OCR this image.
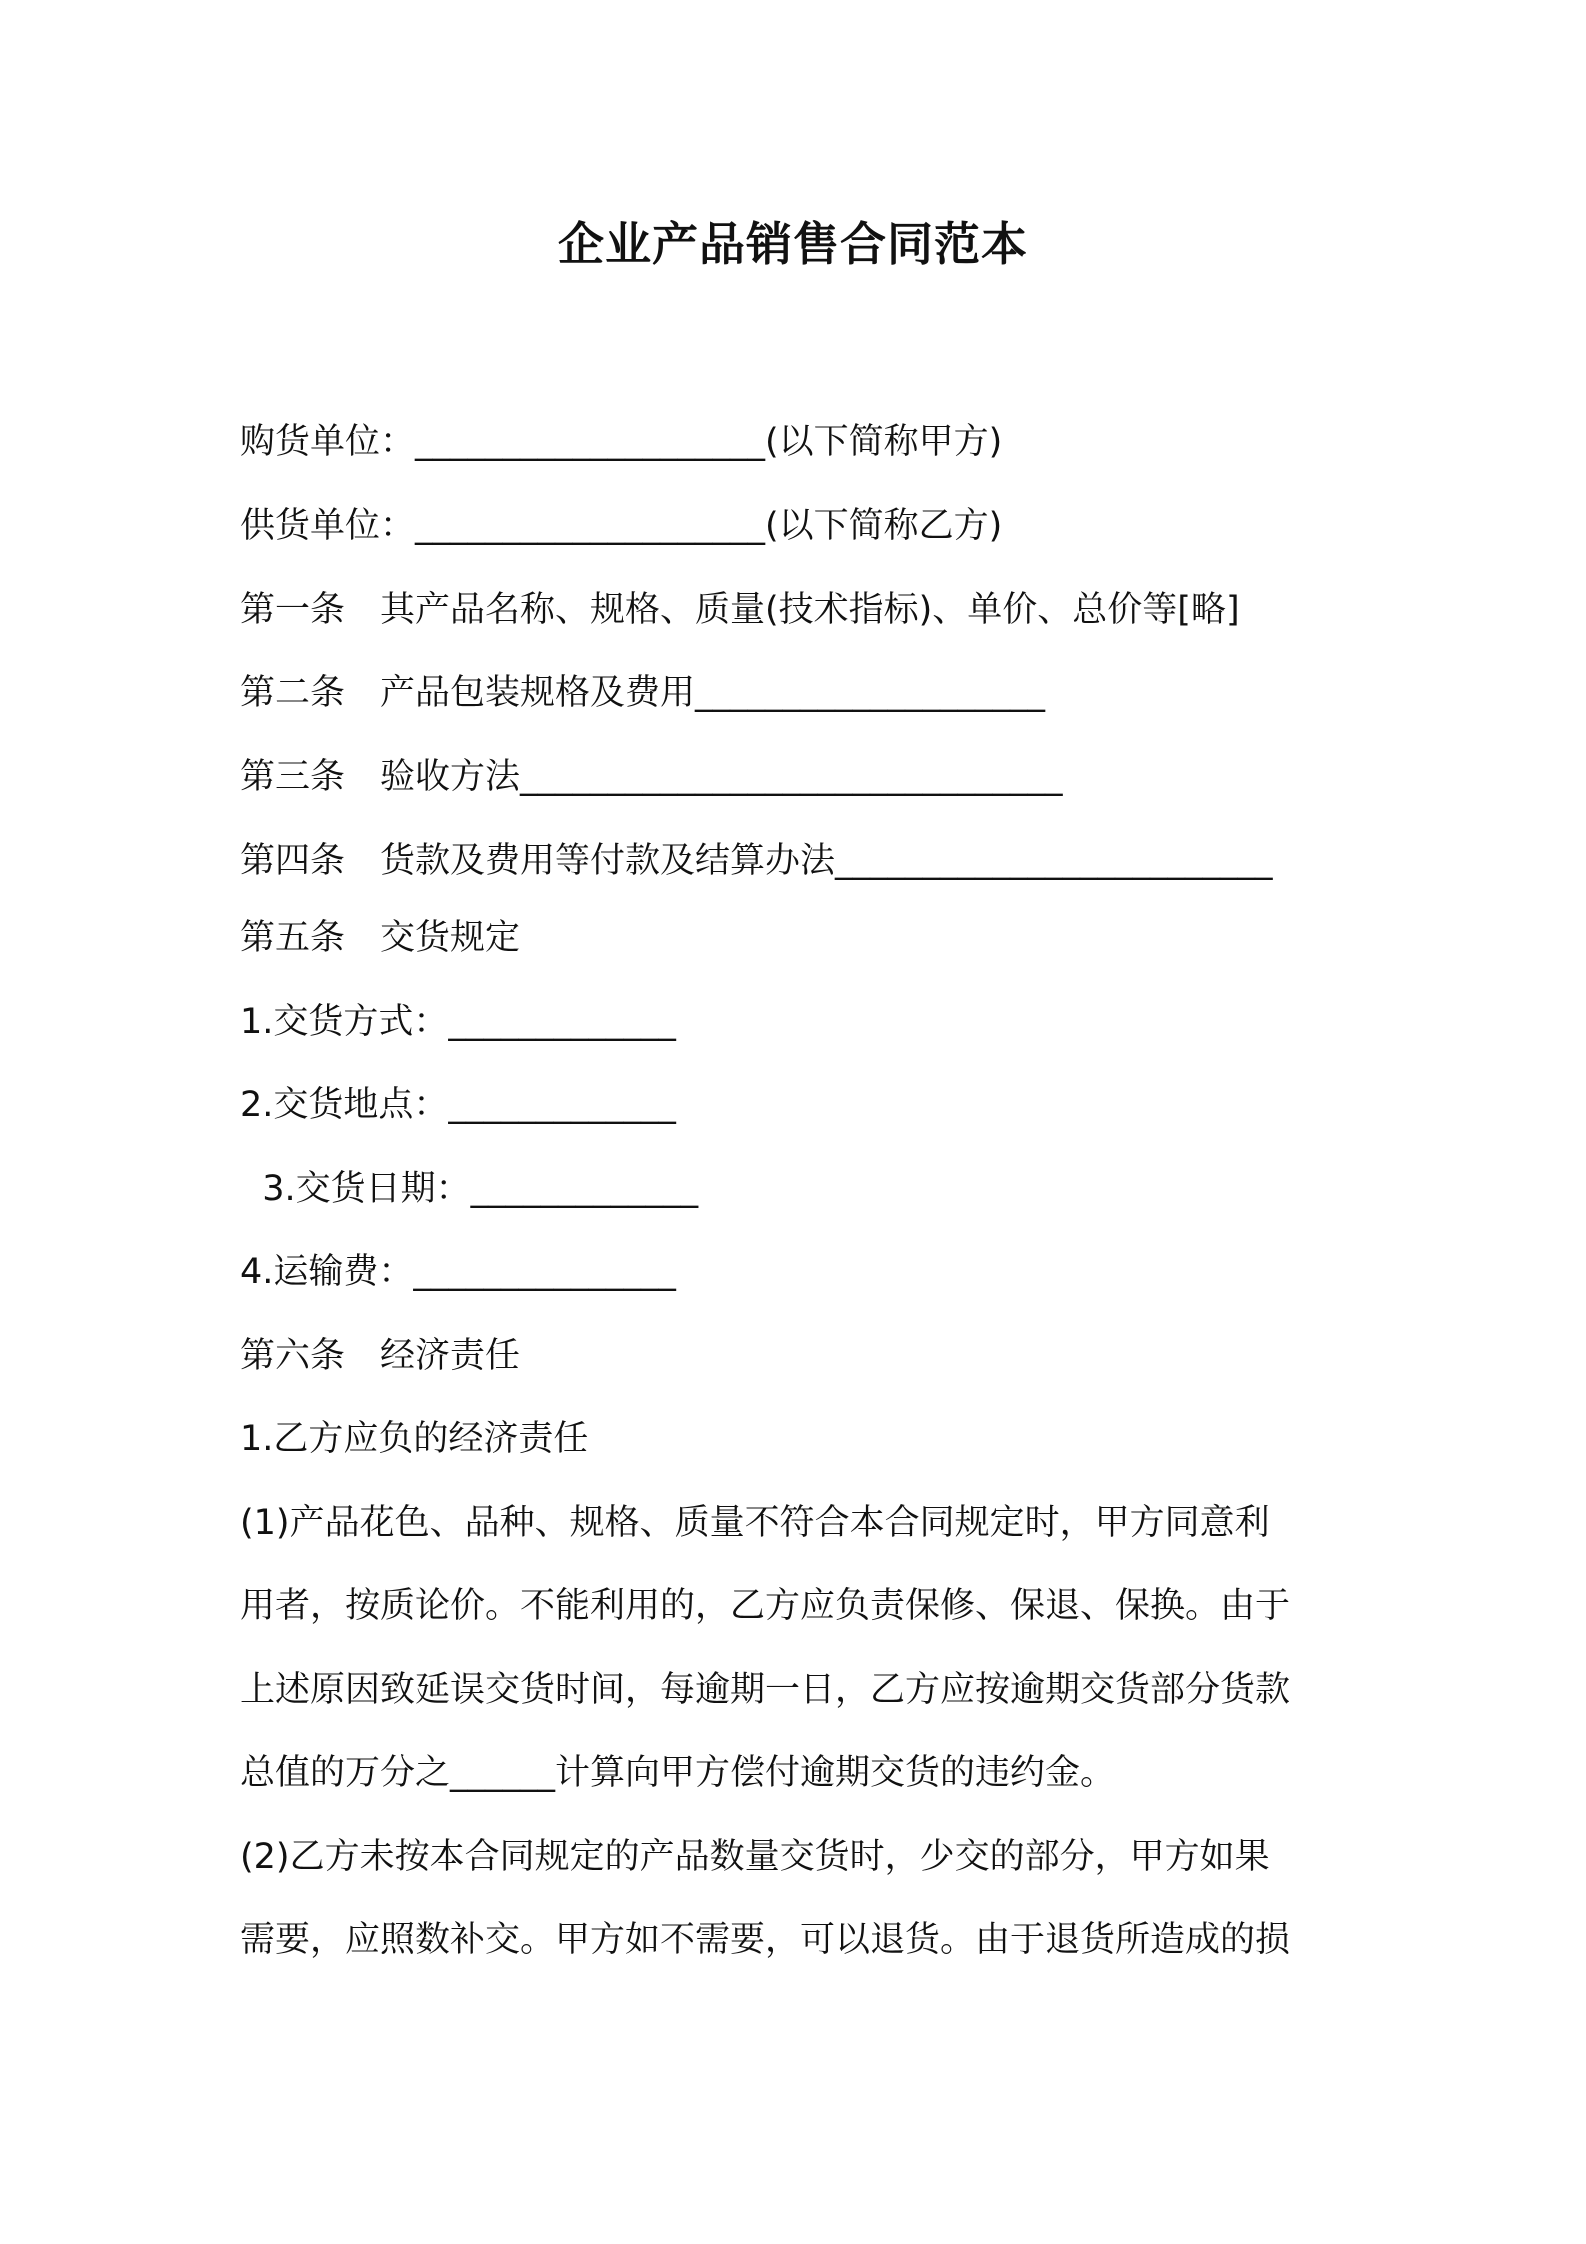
企业产品销售合同范本
购货单位：____________________(以下简称甲方)
供货单位：____________________(以下简称乙方)
第一条　其产品名称、规格、质量(技术指标)、单价、总价等[略]
第二条　产品包装规格及费用____________________
第三条　验收方法_______________________________
第四条　货款及费用等付款及结算办法_________________________
第五条　交货规定
1.交货方式：_____________
2.交货地点：_____________
3.交货日期：_____________
4.运输费：_______________
第六条　经济责任
1.乙方应负的经济责任
(1)产品花色、品种、规格、质量不符合本合同规定时，甲方同意利
用者，按质论价。不能利用的，乙方应负责保修、保退、保换。由于
上述原因致延误交货时间，每逾期一日，乙方应按逾期交货部分货款
总值的万分之______计算向甲方偿付逾期交货的违约金。
(2)乙方未按本合同规定的产品数量交货时，少交的部分，甲方如果
需要，应照数补交。甲方如不需要，可以退货。由于退货所造成的损
